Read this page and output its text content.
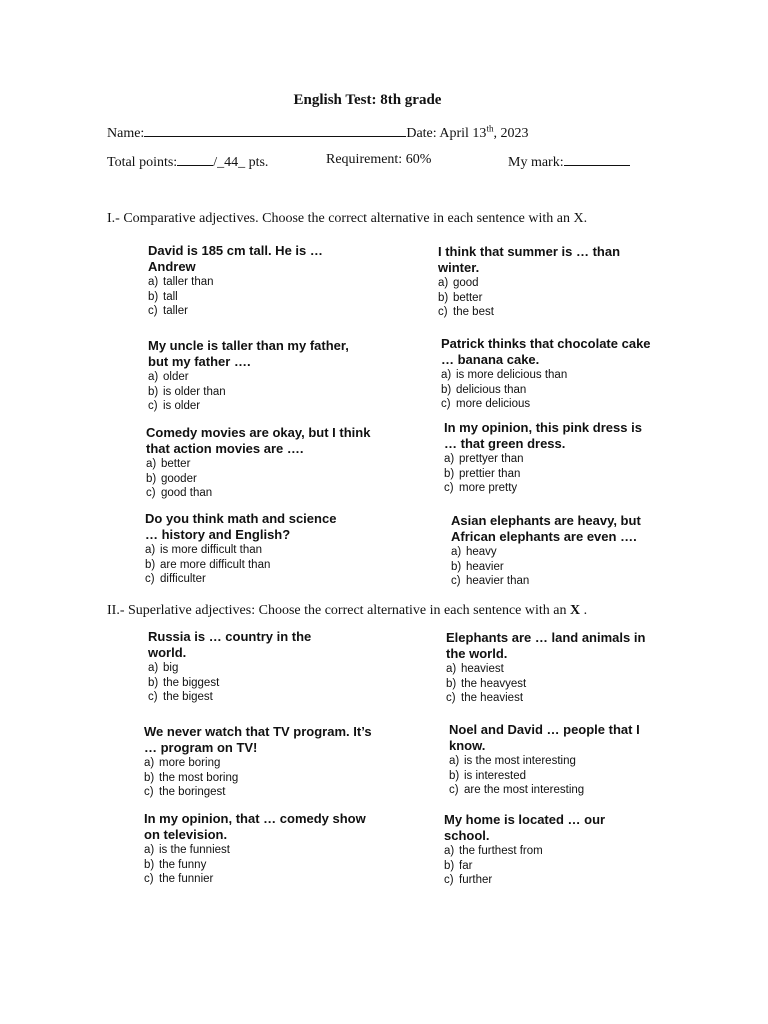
English Test: 8th grade
Name:	Date: April 13th, 2023
Total points:	/_44_ pts.	Requirement: 60%	My mark:
I.- Comparative adjectives. Choose the correct alternative in each sentence with an X.
David is 185 cm tall. He is …
Andrew
a) taller than
b) tall
c) taller
I think that summer is … than
winter.
a) good
b) better
c) the best
My uncle is taller than my father,
but my father ….
a) older
b) is older than
c) is older
Patrick thinks that chocolate cake
… banana cake.
a) is more delicious than
b) delicious than
c) more delicious
Comedy movies are okay, but I think
that action movies are ….
a) better
b) gooder
c) good than
In my opinion, this pink dress is
… that green dress.
a) prettyer than
b) prettier than
c) more pretty
Do you think math and science
… history and English?
a) is more difficult than
b) are more difficult than
c) difficulter
Asian elephants are heavy, but
African elephants are even ….
a) heavy
b) heavier
c) heavier than
II.- Superlative adjectives: Choose the correct alternative in each sentence with an X .
Russia is … country in the
world.
a) big
b) the biggest
c) the bigest
Elephants are … land animals in
the world.
a) heaviest
b) the heavyest
c) the heaviest
We never watch that TV program. It’s
… program on TV!
a) more boring
b) the most boring
c) the boringest
Noel and David … people that I
know.
a) is the most interesting
b) is interested
c) are the most interesting
In my opinion, that … comedy show
on television.
a) is the funniest
b) the funny
c) the funnier
My home is located … our
school.
a) the furthest from
b) far
c) further
